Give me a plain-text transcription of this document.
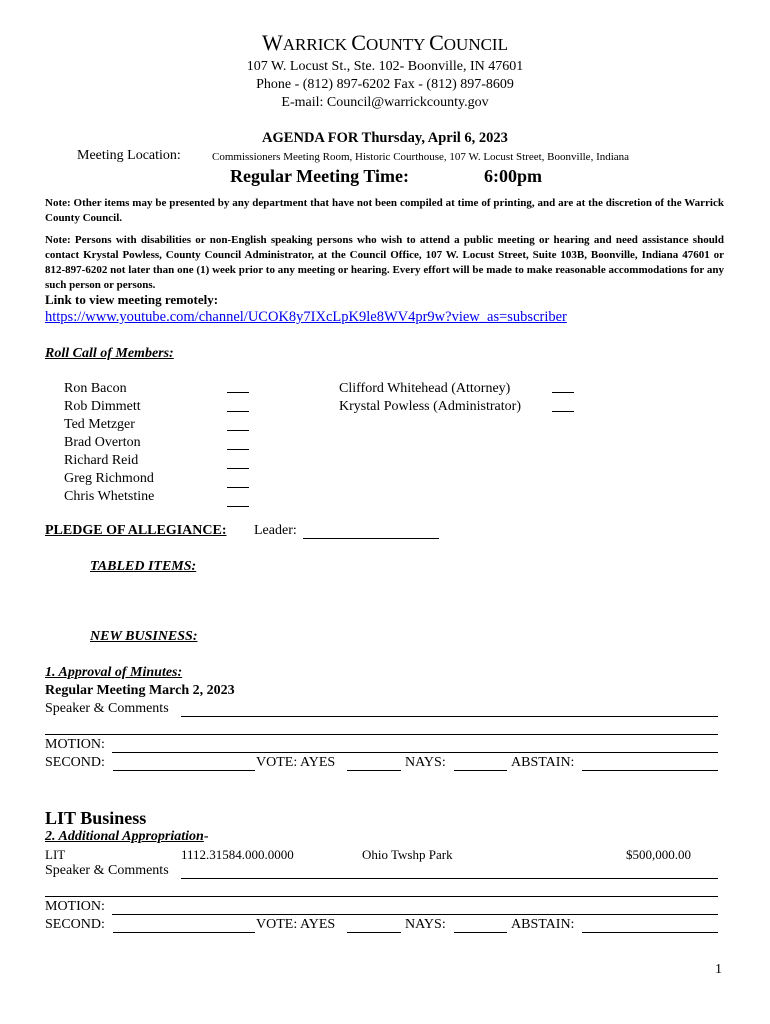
WARRICK COUNTY COUNCIL
107 W. Locust St., Ste. 102- Boonville, IN 47601
Phone - (812) 897-6202 Fax - (812) 897-8609
E-mail: Council@warrickcounty.gov
AGENDA FOR Thursday, April 6, 2023
Meeting Location:	Commissioners Meeting Room, Historic Courthouse, 107 W. Locust Street, Boonville, Indiana
Regular Meeting Time:	6:00pm
Note: Other items may be presented by any department that have not been compiled at time of printing, and are at the discretion of the Warrick County Council.
Note: Persons with disabilities or non-English speaking persons who wish to attend a public meeting or hearing and need assistance should contact Krystal Powless, County Council Administrator, at the Council Office, 107 W. Locust Street, Suite 103B, Boonville, Indiana 47601 or 812-897-6202 not later than one (1) week prior to any meeting or hearing. Every effort will be made to make reasonable accommodations for any such person or persons.
Link to view meeting remotely:
https://www.youtube.com/channel/UCOK8y7IXcLpK9le8WV4pr9w?view_as=subscriber
Roll Call of Members:
Ron Bacon
Rob Dimmett
Ted Metzger
Brad Overton
Richard Reid
Greg Richmond
Chris Whetstine
Clifford Whitehead (Attorney)
Krystal Powless (Administrator)
PLEDGE OF ALLEGIANCE: Leader:
TABLED ITEMS:
NEW BUSINESS:
1. Approval of Minutes:
Regular Meeting March 2, 2023
Speaker & Comments
MOTION:
SECOND:	VOTE: AYES	NAYS:	ABSTAIN:
LIT Business
2. Additional Appropriation-
LIT	1112.31584.000.0000	Ohio Twshp Park	$500,000.00
Speaker & Comments
MOTION:
SECOND:	VOTE: AYES	NAYS:	ABSTAIN:
1
